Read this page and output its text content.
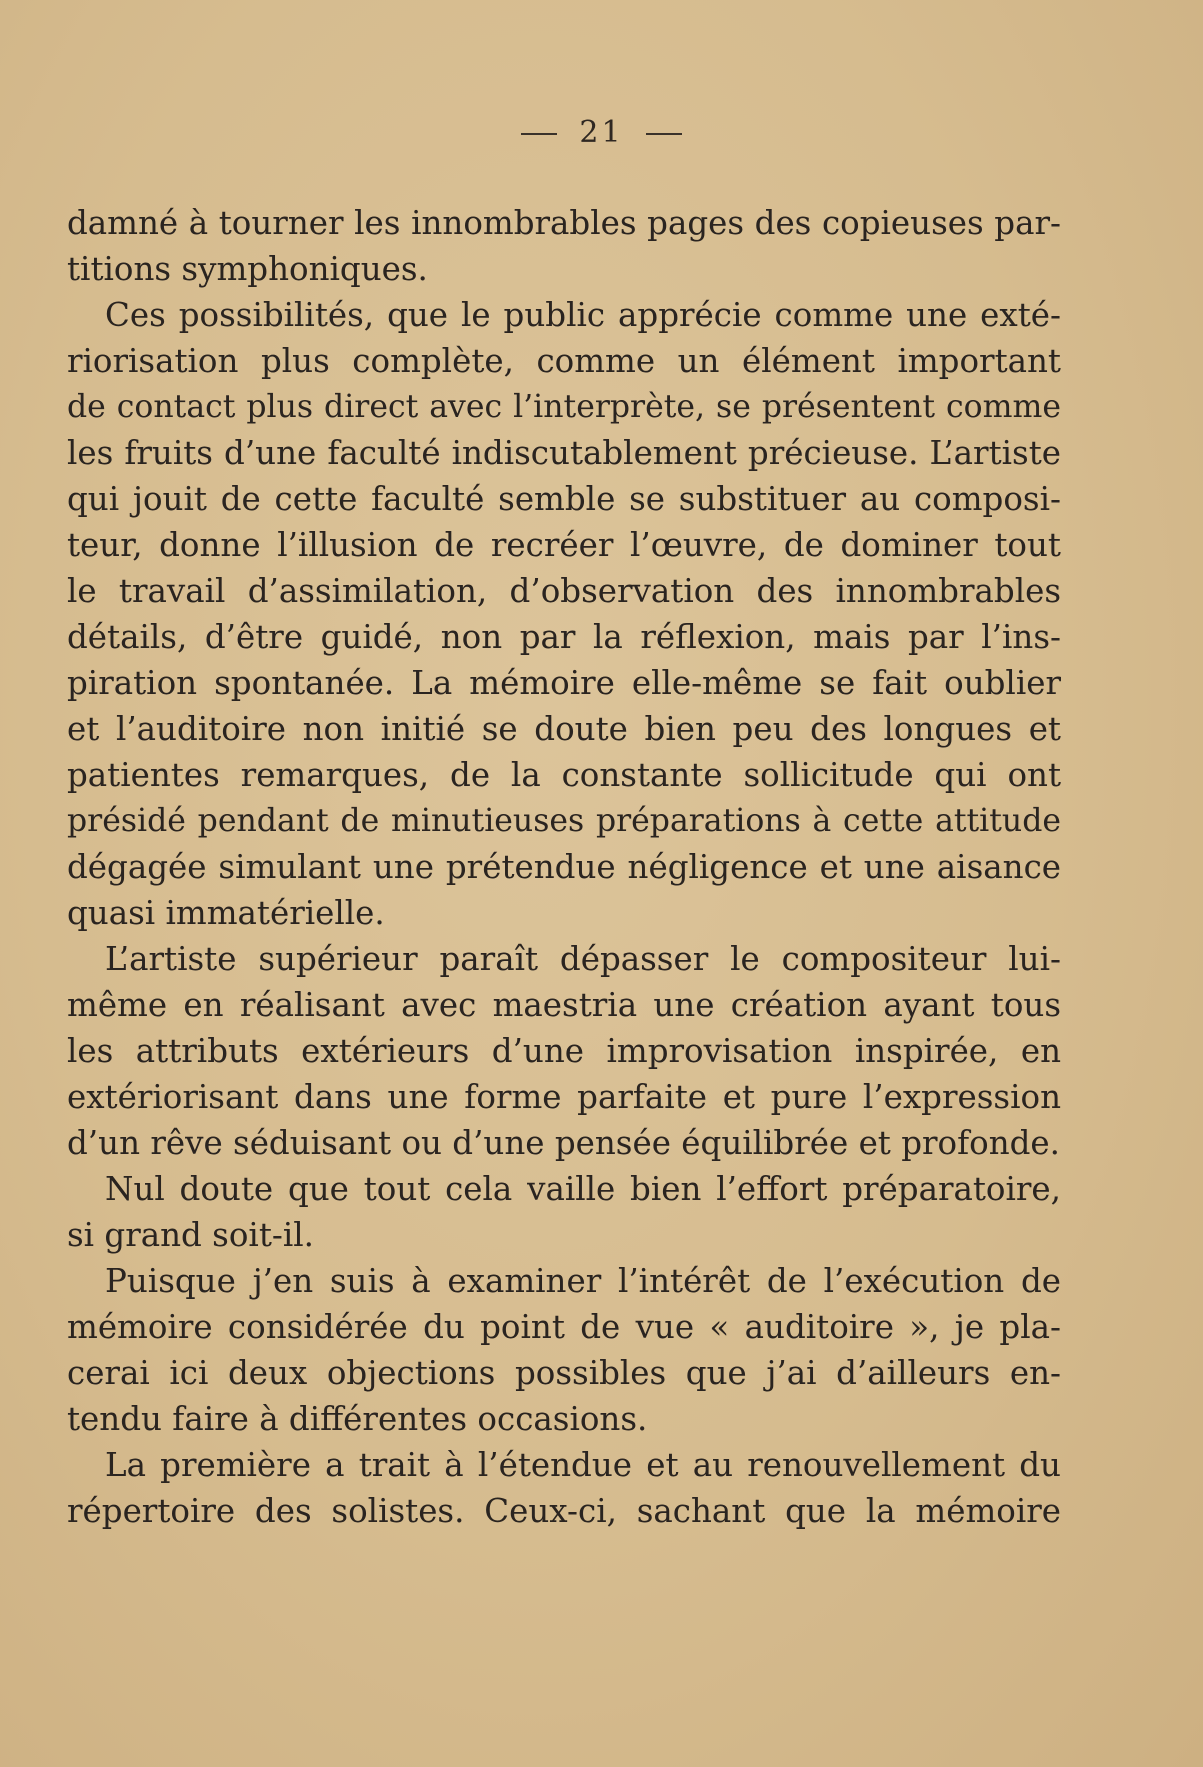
21
damné à tourner les innombrables pages des copieuses par-
titions symphoniques.
Ces possibilités, que le public apprécie comme une exté-
riorisation plus complète, comme un élément important
de contact plus direct avec l’interprète, se présentent comme
les fruits d’une faculté indiscutablement précieuse. L’artiste
qui jouit de cette faculté semble se substituer au composi-
teur, donne l’illusion de recréer l’œuvre, de dominer tout
le travail d’assimilation, d’observation des innombrables
détails, d’être guidé, non par la réflexion, mais par l’ins-
piration spontanée. La mémoire elle-même se fait oublier
et l’auditoire non initié se doute bien peu des longues et
patientes remarques, de la constante sollicitude qui ont
présidé pendant de minutieuses préparations à cette attitude
dégagée simulant une prétendue négligence et une aisance
quasi immatérielle.
L’artiste supérieur paraît dépasser le compositeur lui-
même en réalisant avec maestria une création ayant tous
les attributs extérieurs d’une improvisation inspirée, en
extériorisant dans une forme parfaite et pure l’expression
d’un rêve séduisant ou d’une pensée équilibrée et profonde.
Nul doute que tout cela vaille bien l’effort préparatoire,
si grand soit-il.
Puisque j’en suis à examiner l’intérêt de l’exécution de
mémoire considérée du point de vue « auditoire », je pla-
cerai ici deux objections possibles que j’ai d’ailleurs en-
tendu faire à différentes occasions.
La première a trait à l’étendue et au renouvellement du
répertoire des solistes. Ceux-ci, sachant que la mémoire
